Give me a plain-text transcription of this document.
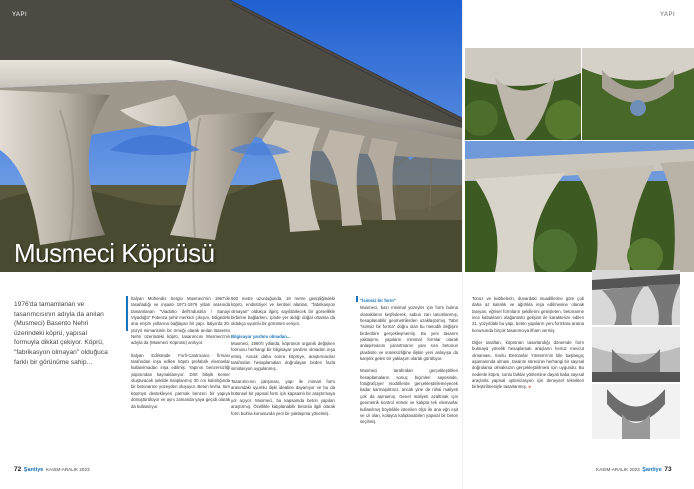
YAPI
Musmeci Köprüsü
YAPI

1976'da tamamlanan ve tasarımcısının adıyla da anılan (Musmeci) Basento Nehri üzerindeki köprü, yapısal formuyla dikkat çekiyor. Köprü, "fabrikasyon olmayan" olduğuca farklı bir görünüme sahip...

İtalyan Mühendis Sergio Musmeci'nin 1967'de tasarladığı ve inşaatı 1971-1976 yılları arasında tamamlanan "Viadotto dell'Industria / Sanayi Viyadüğü" Potenza şehir merkezi çıkışını, bölgedeki ana erişim yollarına bağlayan bir yapı. İtalya'da 20. yüzyıl mimarisinin bir örneği olarak anılan Basento Nehri üzerindeki köprü, tasarımcısı Musmeci'nin adıyla da (Musmeci Köprüsü) anılıyor.

İtalyan Edilstrade Forlì-Castrocaro firması tarafından inşa edilen köprü prefabrik elemanlar kullanılmadan inşa edilmiş. Yapının benzersizliği yapısından kaynaklanıyor: Dört bitişik kemer oluşturacak şekilde kalıplanmış 30 cm kalınlığında bir betonarme yüzeyden oluşuyor. Beton levha, tüm köprüyü destekleyen parmak benzeri bir yapıya dönüştürülüyor ve aynı zamanda yaya geçidi olarak da kullanılıyor.

560 metre uzunluğunda, 16 metre genişliğindeki köprü, endüstriyel ve kentsel alanları, "fabrikasyon olmayan" oldukça ilginç sayılabilecek bir görsellikle birbirine bağlarken, içinde yer aldığı doğal ortamla da oldukça uyumlu bir görünüm veriyor.

Bilgisayar yardımı olmadan...

Musmeci, 1960'lı yıllarda, köprünün organik değişken formunu herhangi bir bilgisayar yardımı olmadan inşa etmiş. Ancak daha sonra köprüye, araştırmacılar tarafından hesaplamaları doğrulayan birden fazla simülasyon uygulanmış.

Tasarımcının çalışması, yapı ile mimari form arasındaki uyumlu ilişki idealine dayanıyor ve bu da bütünsel bir yapısal form için kapsamlı bir araştırmaya yol açıyor. Musmeci, bu kapsamda beton yapıları araştırmış. Özellikle kalıplanabilir betonla ilgili olarak form bulma konusunda yeni bir yaklaşıma yönelmiş.

"İsimsiz bir form"

Musmeci, bazı minimal yüzeyler için form bulma olanaklarını keşfederek, sabun zarı tanımlanmış, hesaplanabilir geometrilerden uzaklaştırmış. Tabir "isimsiz bir forma" doğru olan bu metodik değişim birdenbire gerçekleşmemiş. Bu yeni tasarım yaklaşımı, yapıların minimal formlar olarak anlaşılmasını yansıtmanın yanı sıra betonun plastisite ve süreksizliğine ilişkin yeni anlayışa da karşılık gelen bir yaklaşım olarak görülüyor.

Musmeci tarafından gerçekleştirilen hesaplamaların sonuç biçimleri sayesinde, fotoğrafçıyer modüllerde gerçekleştirilemeyecek kadar karmaşıktınız, ancak yine de nihai maliyeti çok da aşmamış. Genel maliyeti azaltmak için geometrik kontrol etmek ve kalıpta tek elemanlar kullanılmış böylelikle istenilen ölçü ile ana eğri eşit ve ızi olan, kolayca kalıplanabilen yapısal bir beton seçilmiş.

Tonoz ve kubbelerin, duvardaki muadillerine göre çok daha az kalınlık ve ağırlıkla inşa edilmesine olanak tanıyan, eğrisel formların şekillerini genişleten, betonarme ince kabukların olağanüstü gelişimi ile karakterize edilen 21. yüzyıldaki bu yapı, beton yapıların yeni formlara arama konusunda birçok tasarımcıya ilham vermiş.

Diğer taraftan, köprünün tasarlandığı dönemde form bulmaya yönelik hesaplamalı araçların henüz mevcut olmaması, Sonlu Elemanlar Yöntemi'nin bile başlangıç aşamasında olması, tasarım sürecinin herhangi bir sayısal doğrulama olmaksızın gerçekleştirilmesi için uygundu. Bu nedenle köprü, sonlu farklar yöntemine dayalı kaba sayısal araçlarla yapısal optimizasyon için deneysel teknikleri birleştirilmesiyle tasarlanmış. ◂

72 Şantiye KASIM-ARALIK 2023	KASIM-ARALIK 2023 Şantiye 73
